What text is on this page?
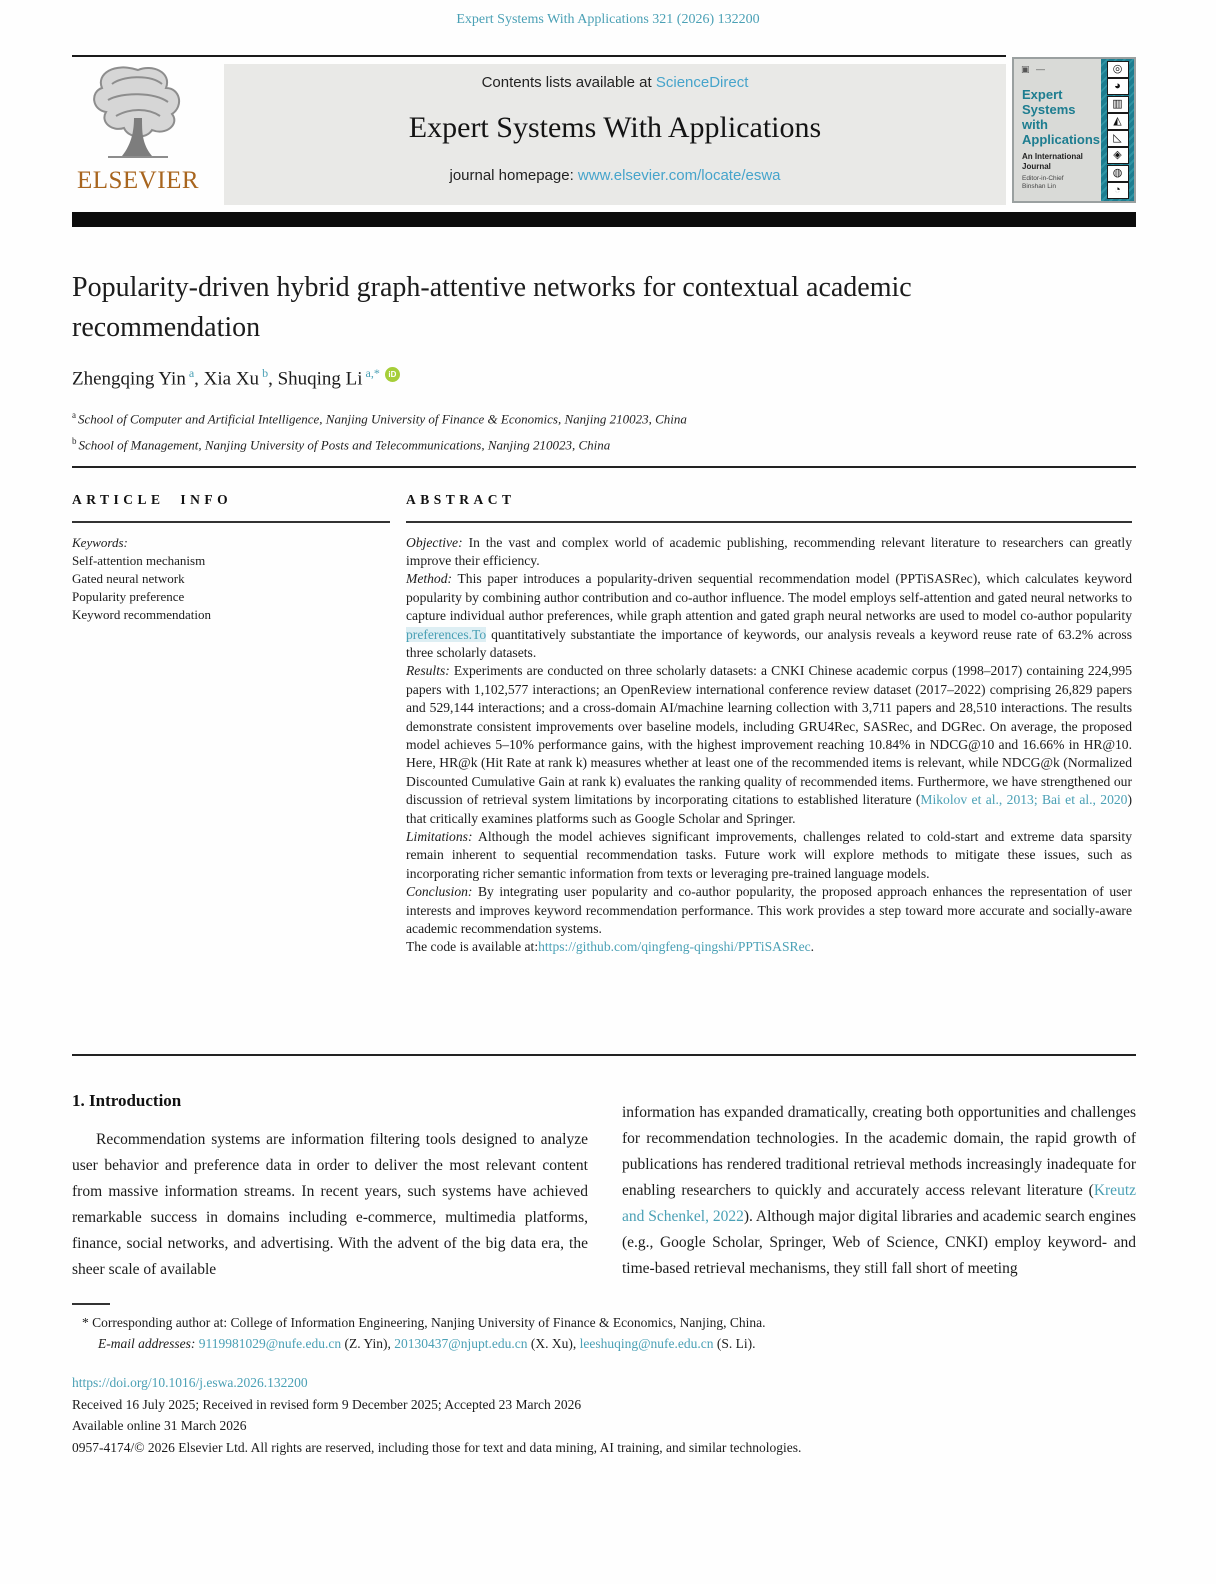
Expert Systems With Applications 321 (2026) 132200
ELSEVIER
Contents lists available at ScienceDirect
Expert Systems With Applications
journal homepage: www.elsevier.com/locate/eswa
▣ —
Expert
Systems
with
Applications
An International Journal
Editor-in-Chief
Binshan Lin
◎
◕
▥
◭
◺
◈
◍
◔
Popularity-driven hybrid graph-attentive networks for contextual academic recommendation
Zhengqing Yin $^a$, Xia Xu $^b$, Shuqing Li $^{a,*}$ iD
$^a$ School of Computer and Artificial Intelligence, Nanjing University of Finance & Economics, Nanjing 210023, China
$^b$ School of Management, Nanjing University of Posts and Telecommunications, Nanjing 210023, China
ARTICLE INFO
Keywords:
Self-attention mechanism
Gated neural network
Popularity preference
Keyword recommendation
ABSTRACT

Objective: In the vast and complex world of academic publishing, recommending relevant literature to researchers can greatly improve their efficiency.

Method: This paper introduces a popularity-driven sequential recommendation model (PPTiSASRec), which calculates keyword popularity by combining author contribution and co-author influence. The model employs self-attention and gated neural networks to capture individual author preferences, while graph attention and gated graph neural networks are used to model co-author popularity preferences.To quantitatively substantiate the importance of keywords, our analysis reveals a keyword reuse rate of 63.2% across three scholarly datasets.

Results: Experiments are conducted on three scholarly datasets: a CNKI Chinese academic corpus (1998–2017) containing 224,995 papers with 1,102,577 interactions; an OpenReview international conference review dataset (2017–2022) comprising 26,829 papers and 529,144 interactions; and a cross-domain AI/machine learning collection with 3,711 papers and 28,510 interactions. The results demonstrate consistent improvements over baseline models, including GRU4Rec, SASRec, and DGRec. On average, the proposed model achieves 5–10% performance gains, with the highest improvement reaching 10.84% in NDCG@10 and 16.66% in HR@10. Here, HR@k (Hit Rate at rank k) measures whether at least one of the recommended items is relevant, while NDCG@k (Normalized Discounted Cumulative Gain at rank k) evaluates the ranking quality of recommended items. Furthermore, we have strengthened our discussion of retrieval system limitations by incorporating citations to established literature (Mikolov et al., 2013; Bai et al., 2020) that critically examines platforms such as Google Scholar and Springer.

Limitations: Although the model achieves significant improvements, challenges related to cold-start and extreme data sparsity remain inherent to sequential recommendation tasks. Future work will explore methods to mitigate these issues, such as incorporating richer semantic information from texts or leveraging pre-trained language models.

Conclusion: By integrating user popularity and co-author popularity, the proposed approach enhances the representation of user interests and improves keyword recommendation performance. This work provides a step toward more accurate and socially-aware academic recommendation systems.

The code is available at:https://github.com/qingfeng-qingshi/PPTiSASRec.

1. Introduction

Recommendation systems are information filtering tools designed to analyze user behavior and preference data in order to deliver the most relevant content from massive information streams. In recent years, such systems have achieved remarkable success in domains including e-commerce, multimedia platforms, finance, social networks, and advertising. With the advent of the big data era, the sheer scale of available

information has expanded dramatically, creating both opportunities and challenges for recommendation technologies. In the academic domain, the rapid growth of publications has rendered traditional retrieval methods increasingly inadequate for enabling researchers to quickly and accurately access relevant literature (Kreutz and Schenkel, 2022). Although major digital libraries and academic search engines (e.g., Google Scholar, Springer, Web of Science, CNKI) employ keyword- and time-based retrieval mechanisms, they still fall short of meeting

* Corresponding author at: College of Information Engineering, Nanjing University of Finance & Economics, Nanjing, China.

E-mail addresses: 9119981029@nufe.edu.cn (Z. Yin), 20130437@njupt.edu.cn (X. Xu), leeshuqing@nufe.edu.cn (S. Li).

https://doi.org/10.1016/j.eswa.2026.132200
Received 16 July 2025; Received in revised form 9 December 2025; Accepted 23 March 2026
Available online 31 March 2026
0957-4174/© 2026 Elsevier Ltd. All rights are reserved, including those for text and data mining, AI training, and similar technologies.
